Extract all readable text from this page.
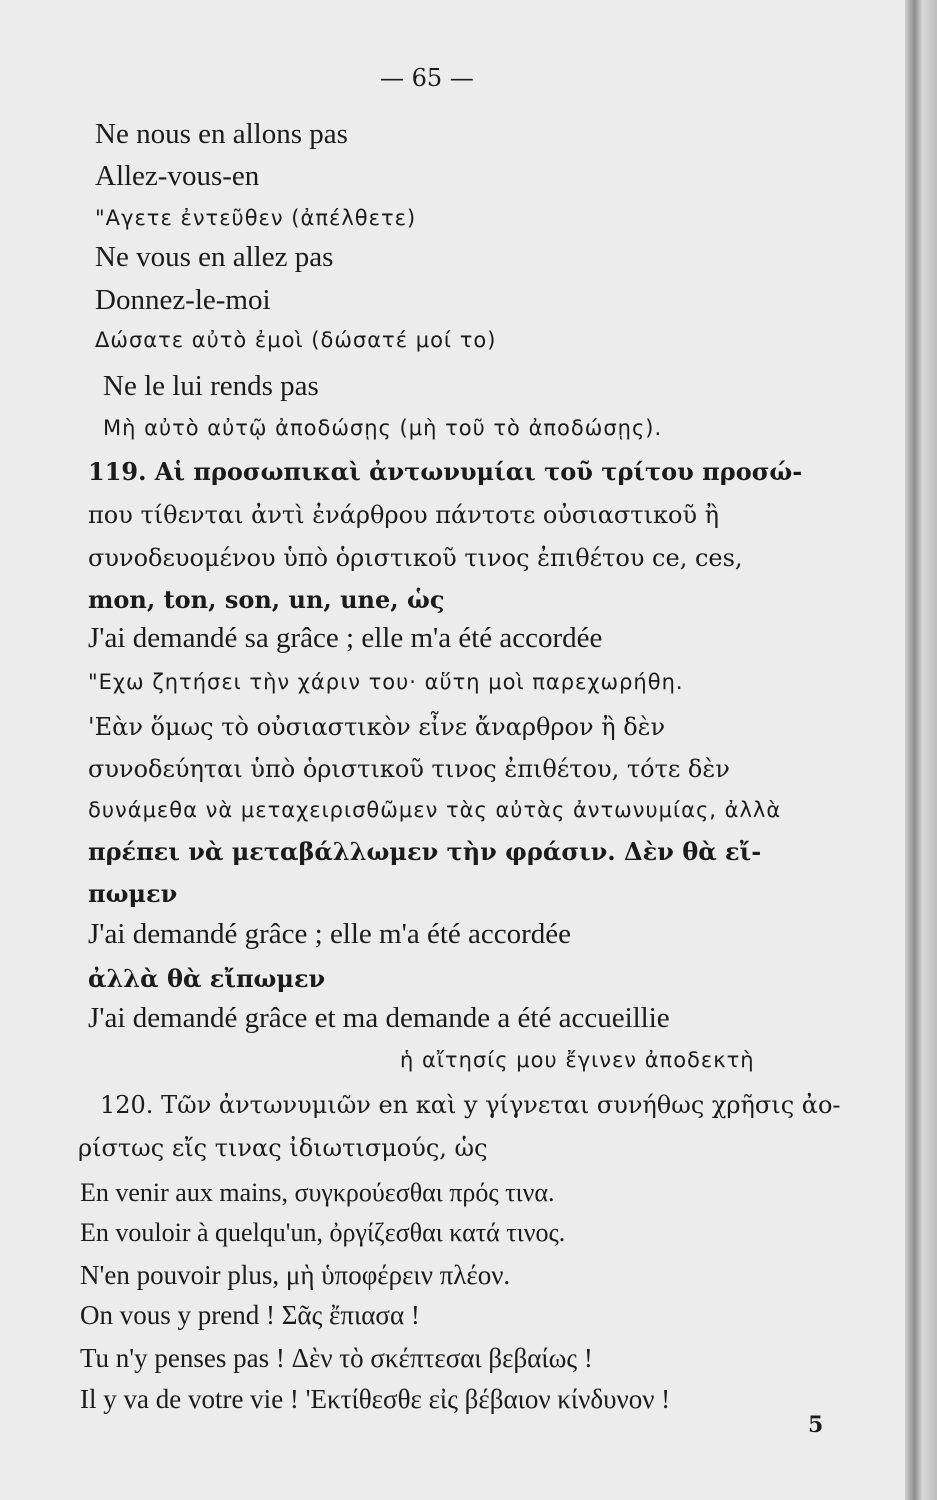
— 65 —
Ne nous en allons pas
Allez-vous-en
"Αγετε ἐντεῦθεν (ἀπέλθετε)
Ne vous en allez pas
Donnez-le-moi
Δώσατε αὐτὸ ἐμοὶ (δώσατέ μοί το)
Ne le lui rends pas
Μὴ αὐτὸ αὐτῷ ἀποδώσῃς (μὴ τοῦ τὸ ἀποδώσῃς).
119. Αἱ προσωπικαὶ ἀντωνυμίαι τοῦ τρίτου προσώ-
που τίθενται ἀντὶ ἐνάρθρου πάντοτε οὐσιαστικοῦ ἢ
συνοδευομένου ὑπὸ ὁριστικοῦ τινος ἐπιθέτου ce, ces,
mon, ton, son, un, une, ὡς
J'ai demandé sa grâce ; elle m'a été accordée
"Εχω ζητήσει τὴν χάριν του· αὕτη μοὶ παρεχωρήθη.
'Εὰν ὅμως τὸ οὐσιαστικὸν εἶνε ἄναρθρον ἢ δὲν
συνοδεύηται ὑπὸ ὁριστικοῦ τινος ἐπιθέτου, τότε δὲν
δυνάμεθα νὰ μεταχειρισθῶμεν τὰς αὐτὰς ἀντωνυμίας, ἀλλὰ
πρέπει νὰ μεταβάλλωμεν τὴν φράσιν. Δὲν θὰ εἴ-
πωμεν
J'ai demandé grâce ; elle m'a été accordée
ἀλλὰ θὰ εἴπωμεν
J'ai demandé grâce et ma demande a été accueillie
ἡ αἴτησίς μου ἔγινεν ἀποδεκτὴ
120. Τῶν ἀντωνυμιῶν en καὶ y γίγνεται συνήθως χρῆσις ἀο-
ρίστως εἴς τινας ἰδιωτισμούς, ὡς
En venir aux mains, συγκρούεσθαι πρός τινα.
En vouloir à quelqu'un, ὀργίζεσθαι κατά τινος.
N'en pouvoir plus, μὴ ὑποφέρειν πλέον.
On vous y prend ! Σᾶς ἔπιασα !
Tu n'y penses pas ! Δὲν τὸ σκέπτεσαι βεβαίως !
Il y va de votre vie ! 'Εκτίθεσθε εἰς βέβαιον κίνδυνον !
5
